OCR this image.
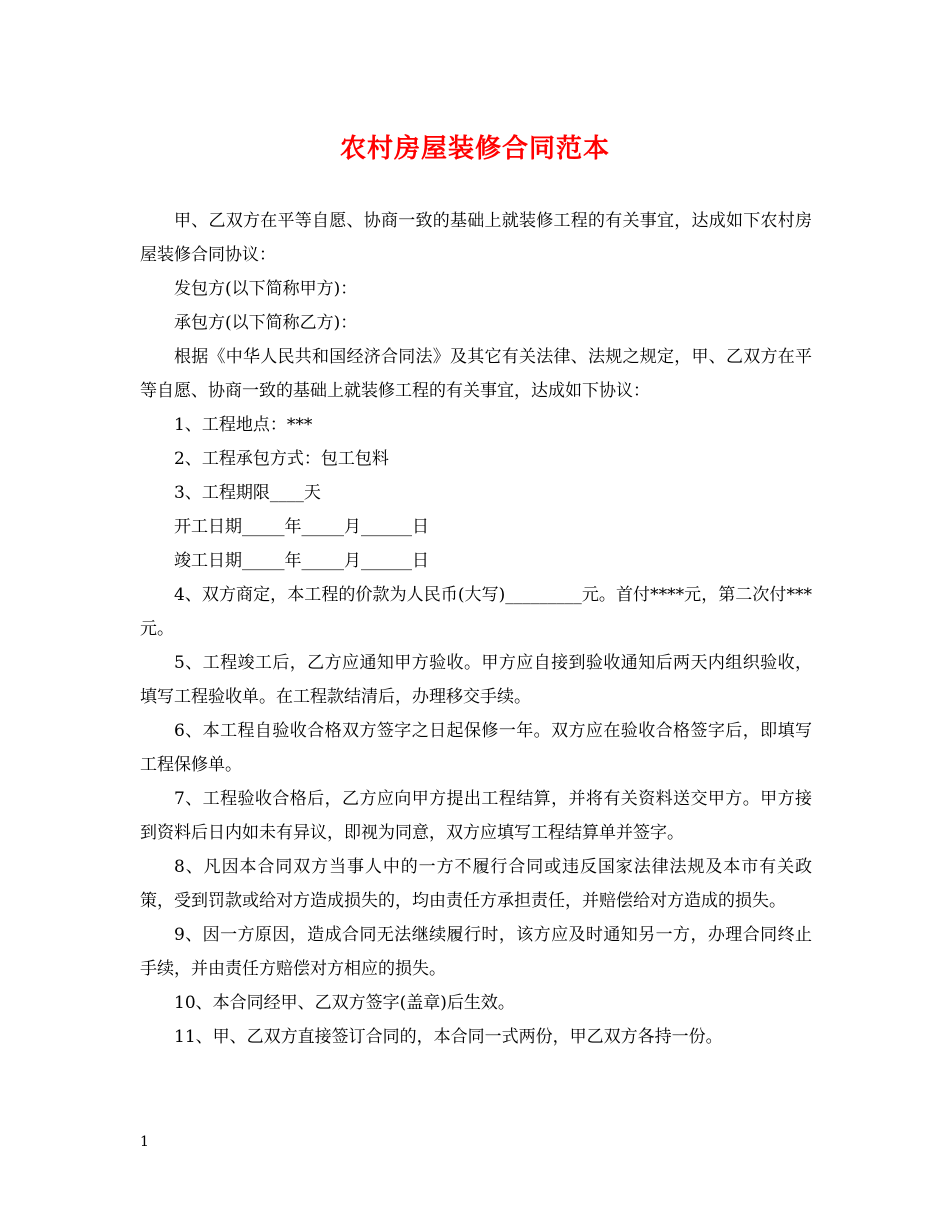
农村房屋装修合同范本

甲、乙双方在平等自愿、协商一致的基础上就装修工程的有关事宜，达成如下农村房屋装修合同协议：

发包方(以下简称甲方)：

承包方(以下简称乙方)：

根据《中华人民共和国经济合同法》及其它有关法律、法规之规定，甲、乙双方在平等自愿、协商一致的基础上就装修工程的有关事宜，达成如下协议：

1、工程地点：***

2、工程承包方式：包工包料

3、工程期限____天

开工日期_____年_____月______日

竣工日期_____年_____月______日

4、双方商定，本工程的价款为人民币(大写)_________元。首付****元，第二次付***元。

5、工程竣工后，乙方应通知甲方验收。甲方应自接到验收通知后两天内组织验收，填写工程验收单。在工程款结清后，办理移交手续。

6、本工程自验收合格双方签字之日起保修一年。双方应在验收合格签字后，即填写工程保修单。

7、工程验收合格后，乙方应向甲方提出工程结算，并将有关资料送交甲方。甲方接到资料后日内如未有异议，即视为同意，双方应填写工程结算单并签字。

8、凡因本合同双方当事人中的一方不履行合同或违反国家法律法规及本市有关政策，受到罚款或给对方造成损失的，均由责任方承担责任，并赔偿给对方造成的损失。

9、因一方原因，造成合同无法继续履行时，该方应及时通知另一方，办理合同终止手续，并由责任方赔偿对方相应的损失。

10、本合同经甲、乙双方签字(盖章)后生效。

11、甲、乙双方直接签订合同的，本合同一式两份，甲乙双方各持一份。

1
